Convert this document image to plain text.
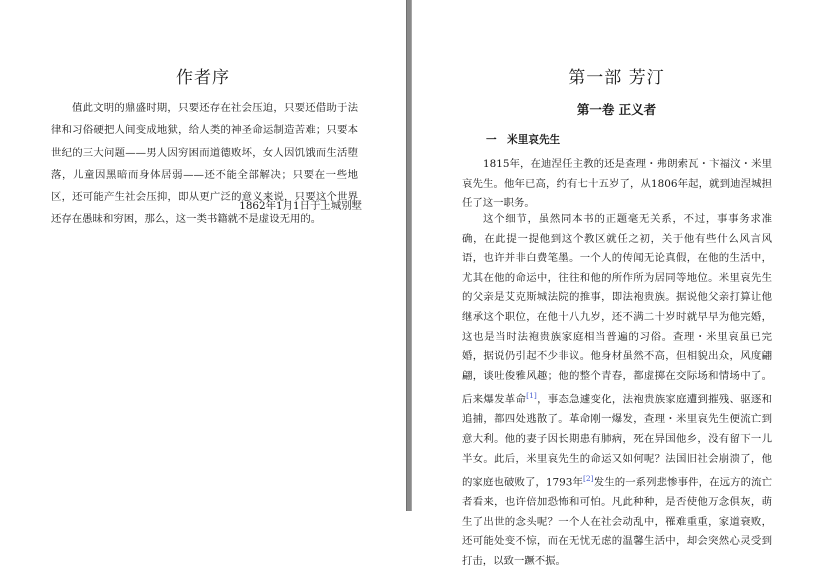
作者序

值此文明的鼎盛时期，只要还存在社会压迫，只要还借助于法律和习俗硬把人间变成地狱，给人类的神圣命运制造苦难；只要本世纪的三大问题——男人因穷困而道德败坏，女人因饥饿而生活堕落，儿童因黑暗而身体居弱——还不能全部解决；只要在一些地区，还可能产生社会压抑，即从更广泛的意义来说，只要这个世界还存在愚昧和穷困，那么，这一类书籍就不是虚设无用的。

1862年1月1日于上城别墅
第一部 芳汀
第一卷 正义者
一　米里哀先生

1815年，在迪涅任主教的还是查理・弗朗索瓦・卞福汶・米里哀先生。他年已高，约有七十五岁了，从1806年起，就到迪涅城担任了这一职务。

这个细节，虽然同本书的正题毫无关系，不过，事事务求准确，在此提一提他到这个教区就任之初，关于他有些什么风言风语，也许并非白费笔墨。一个人的传闻无论真假，在他的生活中，尤其在他的命运中，往往和他的所作所为居同等地位。米里哀先生的父亲是艾克斯城法院的推事，即法袍贵族。据说他父亲打算让他继承这个职位，在他十八九岁，还不满二十岁时就早早为他完婚，这也是当时法袍贵族家庭相当普遍的习俗。查理・米里哀虽已完婚，据说仍引起不少非议。他身材虽然不高，但相貌出众，风度翩翩，谈吐俊雅风趣；他的整个青春，都虚掷在交际场和情场中了。后来爆发革命[1]，事态急遽变化，法袍贵族家庭遭到摧残、驱逐和追捕，都四处逃散了。革命刚一爆发，查理・米里哀先生便流亡到意大利。他的妻子因长期患有肺病，死在异国他乡，没有留下一儿半女。此后，米里哀先生的命运又如何呢？法国旧社会崩溃了，他的家庭也破败了，1793年[2]发生的一系列悲惨事件，在远方的流亡者看来，也许倍加恐怖和可怕。凡此种种，是否使他万念俱灰，萌生了出世的念头呢？一个人在社会动乱中，罹难重重，家道衰败，还可能处变不惊，而在无忧无虑的温馨生活中，却会突然心灵受到打击，以致一蹶不振。
